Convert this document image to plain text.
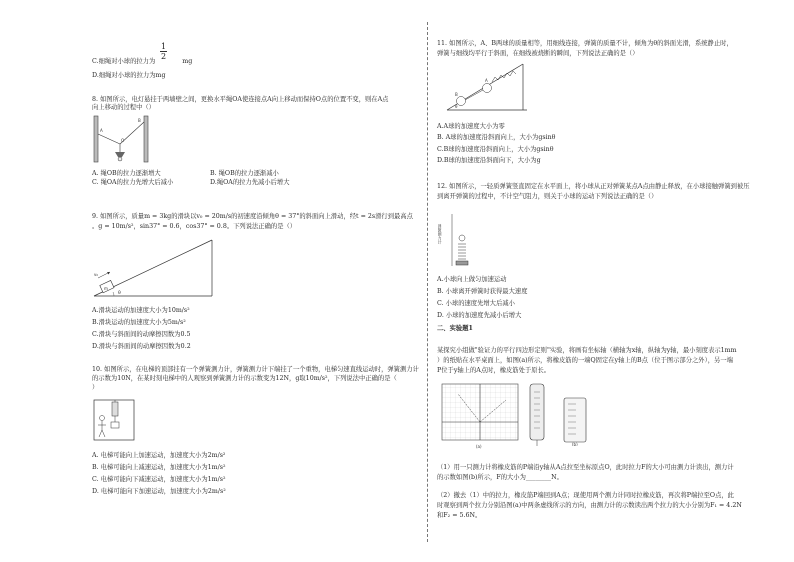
$\frac{1}{2}$
C.细绳对小球的拉力为	mg
D.细绳对小球的拉力为mg
8. 如图所示，电灯悬挂于两墙壁之间，更换水平绳OA使连接点A向上移动而保持O点的位置不变，则在A点
向上移动的过程中（）
A
O
B
A. 绳OB的拉力逐渐增大	B. 绳OB的拉力逐渐减小
C. 绳OA的拉力先增大后减小	D.绳OA的拉力先减小后增大
9. 如图所示，质量m = 3kg的滑块以v₀ = 20m/s的初速度沿倾角θ = 37°的斜面向上滑动，经t = 2s滑行到最高点
。g = 10m/s²，sin37° = 0.6，cos37° = 0.8。下列说法正确的是（）
m
v₀
θ
A.滑块运动的加速度大小为10m/s²
B.滑块运动的加速度大小为5m/s²
C.滑块与斜面间的动摩擦因数为0.5
D.滑块与斜面间的动摩擦因数为0.2
10. 如图所示，在电梯的顶部挂有一个弹簧测力计，弹簧测力计下端挂了一个重物，电梯匀速直线运动时，弹簧测力计
的示数为10N，在某时刻电梯中的人观察到弹簧测力计的示数变为12N，g取10m/s²，下列说法中正确的是（
）
A. 电梯可能向上加速运动，加速度大小为2m/s²
B. 电梯可能向上减速运动，加速度大小为1m/s²
C. 电梯可能向下减速运动，加速度大小为1m/s²
D. 电梯可能向下加速运动，加速度大小为2m/s²
11. 如图所示，A、B两球的质量相等，用细线连接，弹簧的质量不计，倾角为θ的斜面光滑，系统静止时，
弹簧与细线均平行于斜面，在细线被烧断的瞬间，下列说法正确的是（）
A
B
θ
A.A球的加速度大小为零
B. A球的加速度沿斜面向上，大小为gsinθ
C.B球的加速度沿斜面向上，大小为gsinθ
D.B球的加速度沿斜面向下，大小为g
12. 如图所示，一轻质弹簧竖直固定在水平面上，将小球从正对弹簧某点A点由静止释放，在小球接触弹簧到被压
到离开弹簧的过程中，不计空气阻力，则关于小球的运动下列说法正确的是（）
弹簧测力计
A.小球向上做匀加速运动
B. 小球离开弹簧时获得最大速度
C. 小球的速度先增大后减小
D. 小球的加速度先减小后增大
二、实验题1
某探究小组做"验证力的平行四边形定则"实验，将画有坐标轴（横轴为x轴，纵轴为y轴，最小刻度表示1mm
）的纸贴在水平桌面上，如图(a)所示，将橡皮筋的一端Q固定在y轴上的B点（位于图示部分之外），另一端
P位于y轴上的A点时，橡皮筋处于原长。
(a)	(b)
（1）用一只测力计将橡皮筋的P端沿y轴从A点拉至坐标原点O，此时拉力F的大小可由测力计读出，测力计
的示数如图(b)所示，F的大小为________N。
（2）撤去（1）中的拉力，橡皮筋P端回到A点；现使用两个测力计同时拉橡皮筋，再次将P端拉至O点，此
时观察到两个拉力分别沿图(a)中两条虚线所示的方向，由测力计的示数读出两个拉力的大小分别为F₁ = 4.2N
和F₂ = 5.6N。
